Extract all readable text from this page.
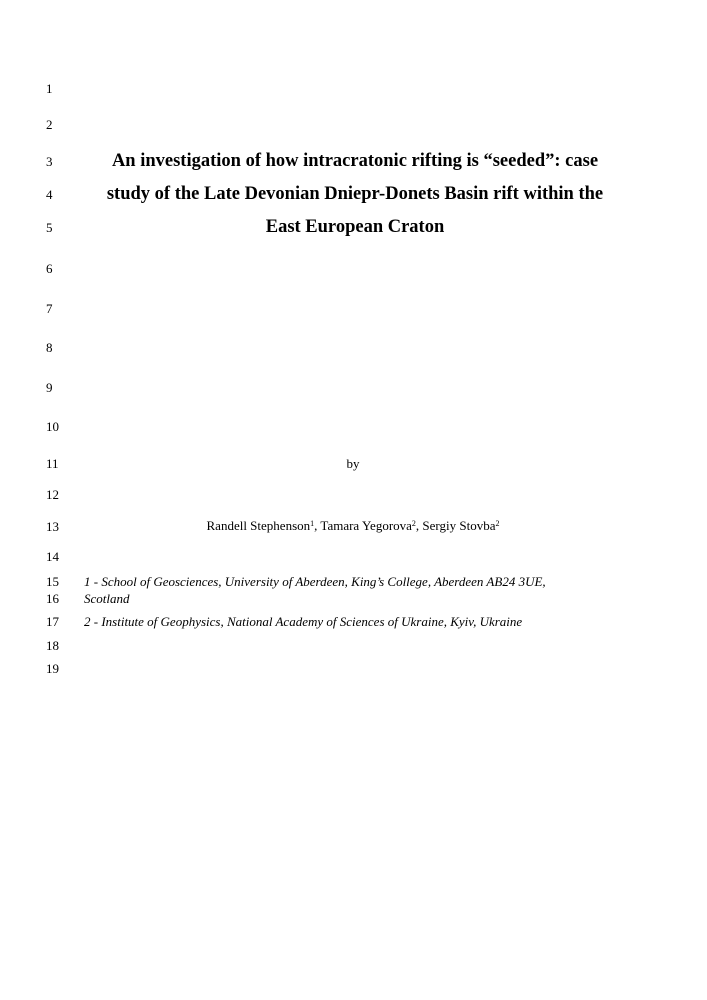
1
2
3
4
5
6
7
8
9
10
11
12
13
14
15
16
17
18
19
An investigation of how intracratonic rifting is “seeded”: case
study of the Late Devonian Dniepr-Donets Basin rift within the
East European Craton
by
Randell Stephenson$^1$, Tamara Yegorova$^2$, Sergiy Stovba$^2$
1 - School of Geosciences, University of Aberdeen, King’s College, Aberdeen AB24 3UE,
Scotland
2 - Institute of Geophysics, National Academy of Sciences of Ukraine, Kyiv, Ukraine
